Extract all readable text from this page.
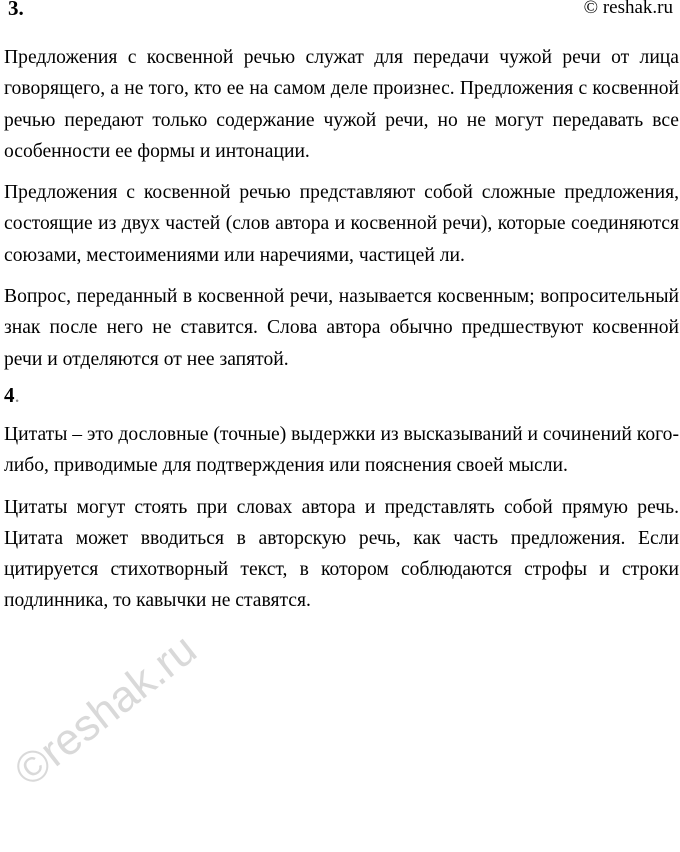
3.	© reshak.ru

Предложения с косвенной речью служат для передачи чужой речи от лица говорящего, а не того, кто ее на самом деле произнес. Предложения с косвенной речью передают только содержание чужой речи, но не могут передавать все особенности ее формы и интонации.

Предложения с косвенной речью представляют собой сложные предложения, состоящие из двух частей (слов автора и косвенной речи), которые соединяются союзами, местоимениями или наречиями, частицей ли.

Вопрос, переданный в косвенной речи, называется косвенным; вопросительный знак после него не ставится. Слова автора обычно предшествуют косвенной речи и отделяются от нее запятой.

4.

Цитаты – это дословные (точные) выдержки из высказываний и сочинений кого-либо, приводимые для подтверждения или пояснения своей мысли.

Цитаты могут стоять при словах автора и представлять собой прямую речь. Цитата может вводиться в авторскую речь, как часть предложения. Если цитируется стихотворный текст, в котором соблюдаются строфы и строки подлинника, то кавычки не ставятся.

©reshak.ru
